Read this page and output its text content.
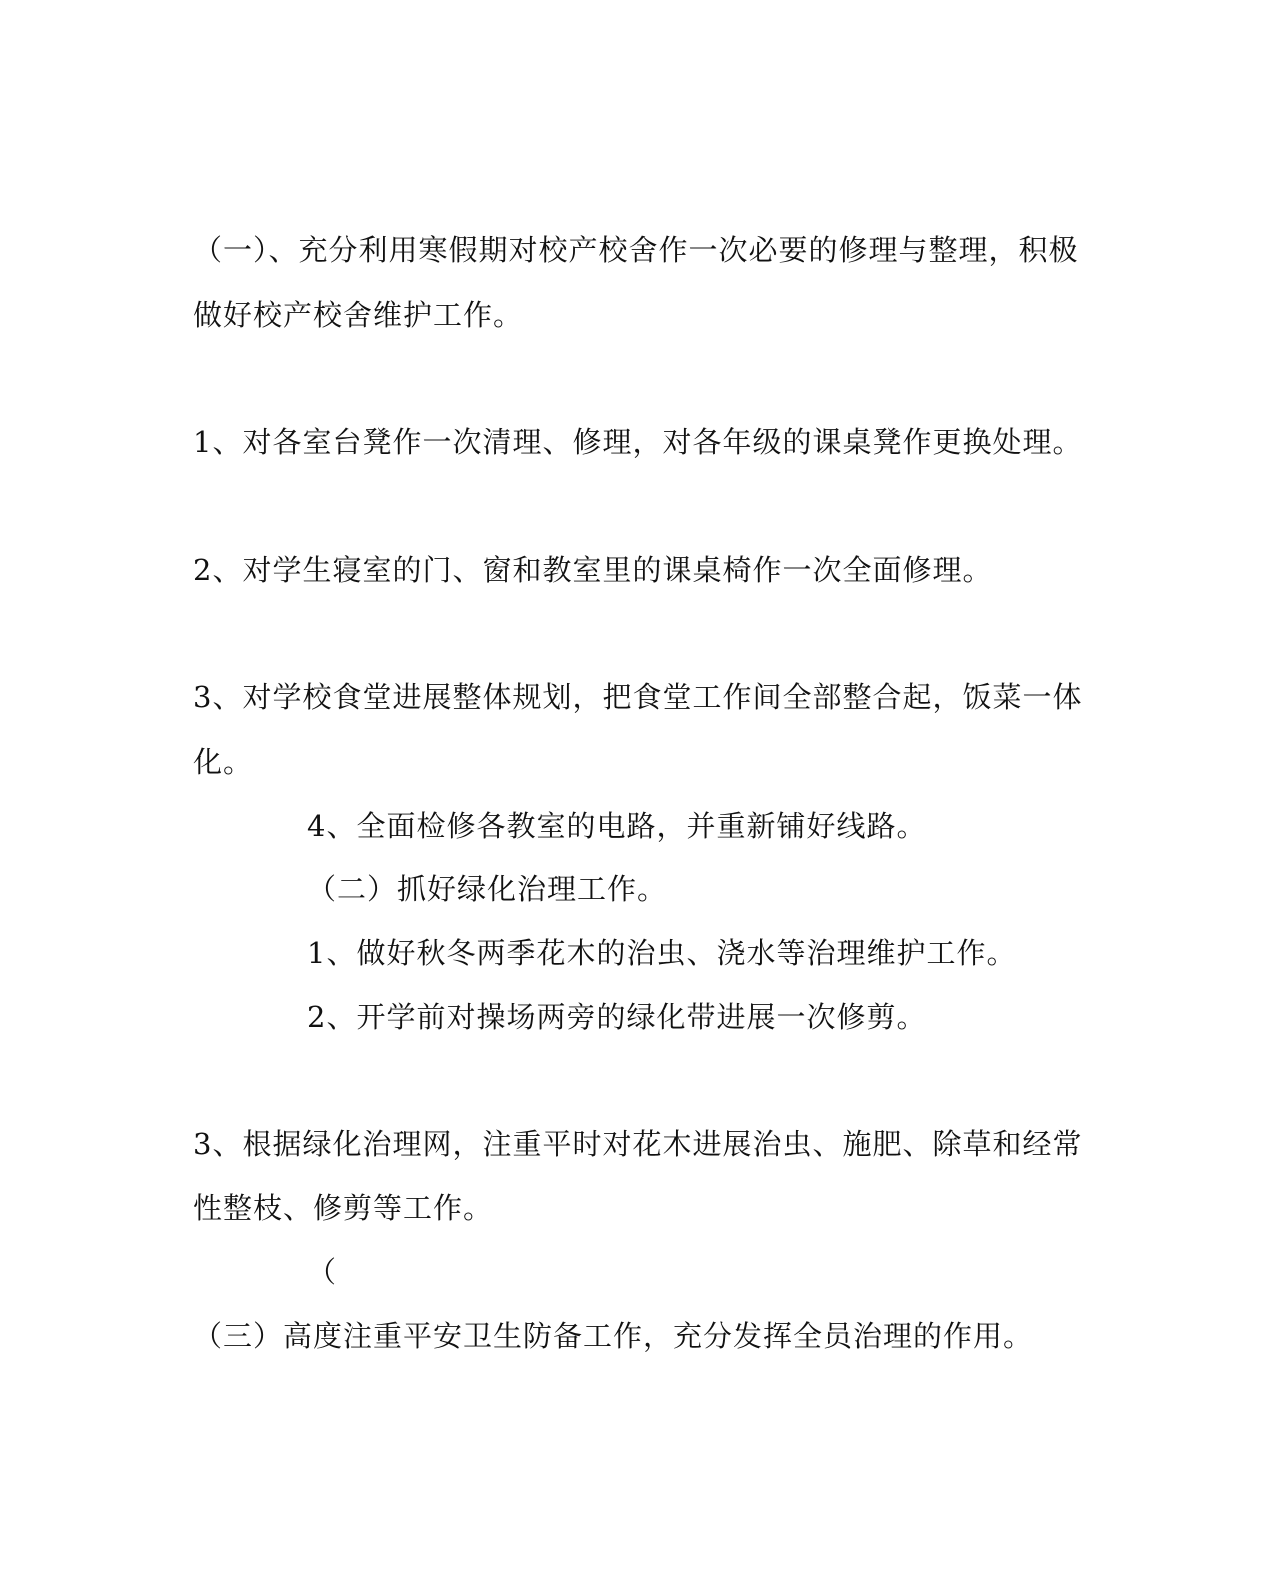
（一）、充分利用寒假期对校产校舍作一次必要的修理与整理，积极
做好校产校舍维护工作。
1、对各室台凳作一次清理、修理，对各年级的课桌凳作更换处理。
2、对学生寝室的门、窗和教室里的课桌椅作一次全面修理。
3、对学校食堂进展整体规划，把食堂工作间全部整合起，饭菜一体
化。
4、全面检修各教室的电路，并重新铺好线路。
（二）抓好绿化治理工作。
1、做好秋冬两季花木的治虫、浇水等治理维护工作。
2、开学前对操场两旁的绿化带进展一次修剪。
3、根据绿化治理网，注重平时对花木进展治虫、施肥、除草和经常
性整枝、修剪等工作。
（
（三）高度注重平安卫生防备工作，充分发挥全员治理的作用。
